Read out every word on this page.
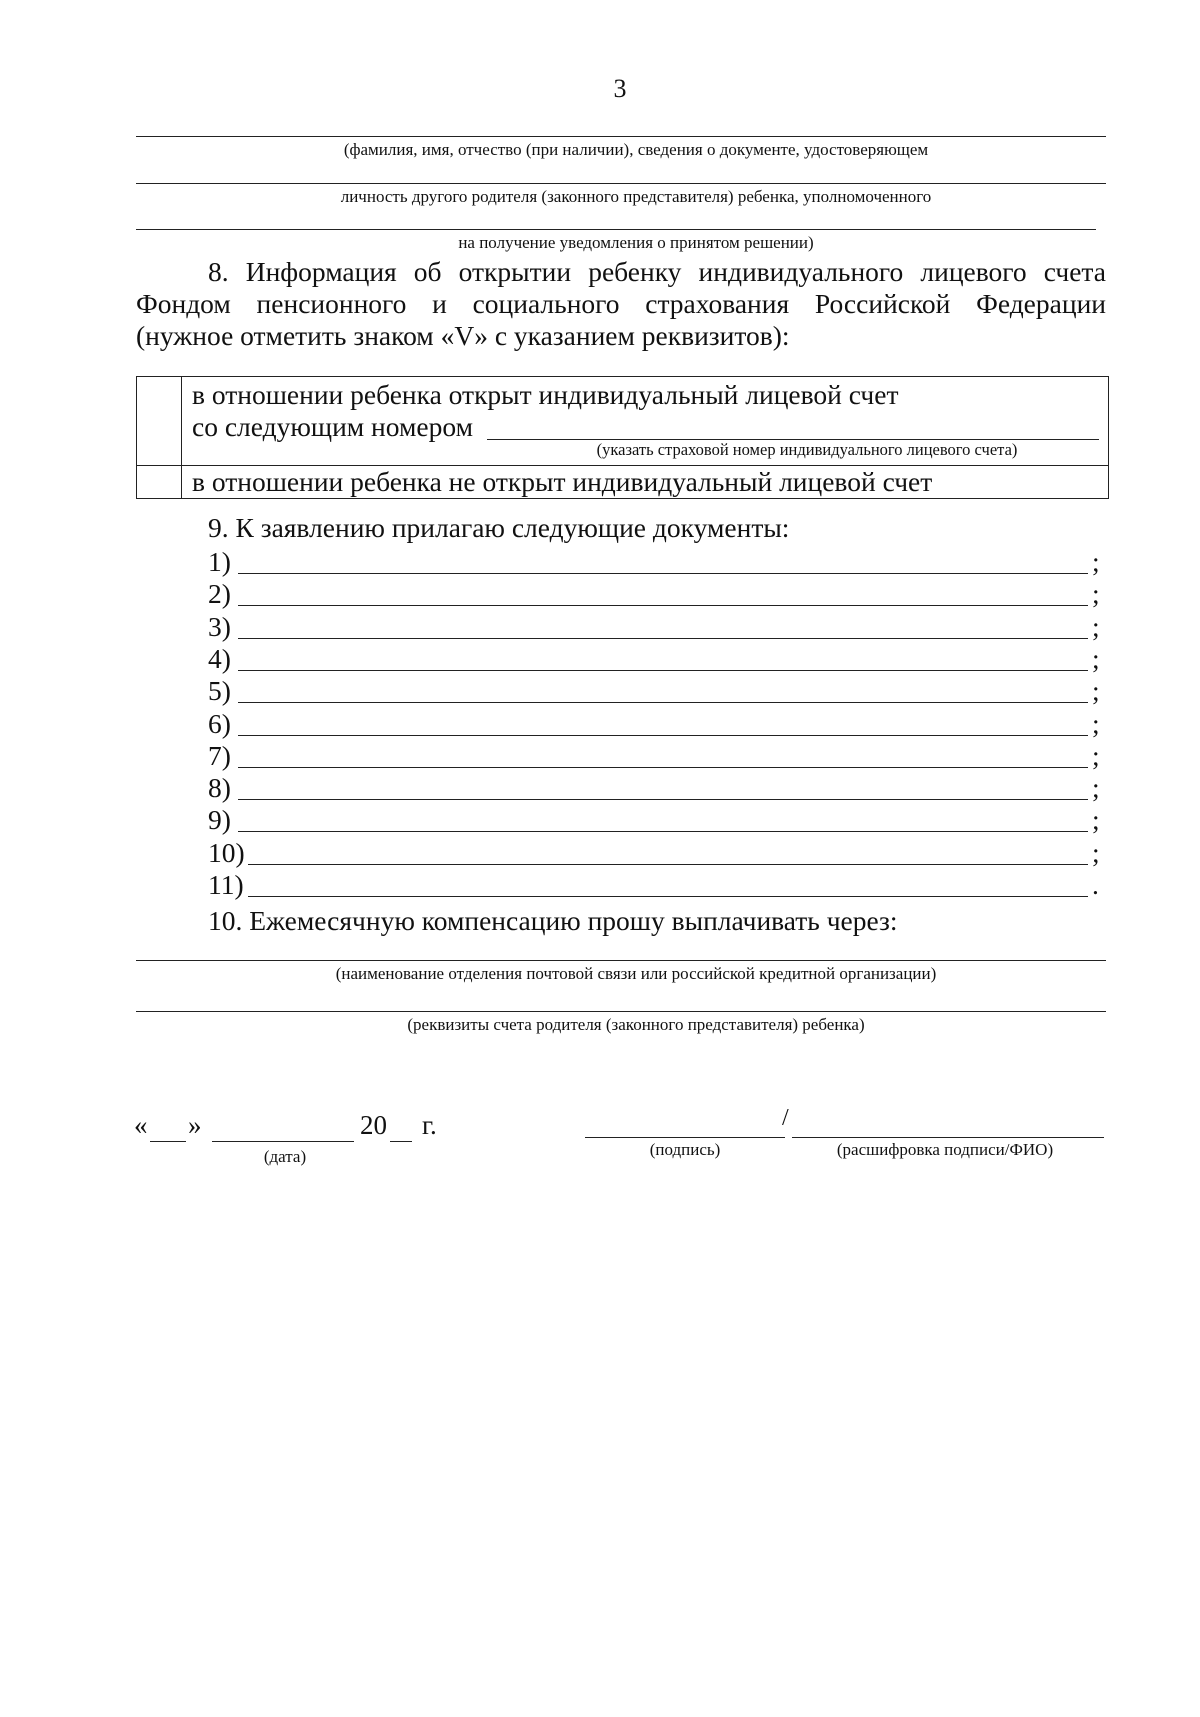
3
(фамилия, имя, отчество (при наличии), сведения о документе, удостоверяющем
личность другого родителя (законного представителя) ребенка, уполномоченного
на получение уведомления о принятом решении)
8. Информация об открытии ребенку индивидуального лицевого счета
Фондом пенсионного и социального страхования Российской Федерации
(нужное отметить знаком «V» с указанием реквизитов):
в отношении ребенка открыт индивидуальный лицевой счет
со следующим номером
(указать страховой номер индивидуального лицевого счета)
в отношении ребенка не открыт индивидуальный лицевой счет
9. К заявлению прилагаю следующие документы:
1)	;
2)	;
3)	;
4)	;
5)	;
6)	;
7)	;
8)	;
9)	;
10)	;
11)	.
10. Ежемесячную компенсацию прошу выплачивать через:
(наименование отделения почтовой связи или российской кредитной организации)
(реквизиты счета родителя (законного представителя) ребенка)
« »	20 г.
(дата)
/
(подпись)	(расшифровка подписи/ФИО)
